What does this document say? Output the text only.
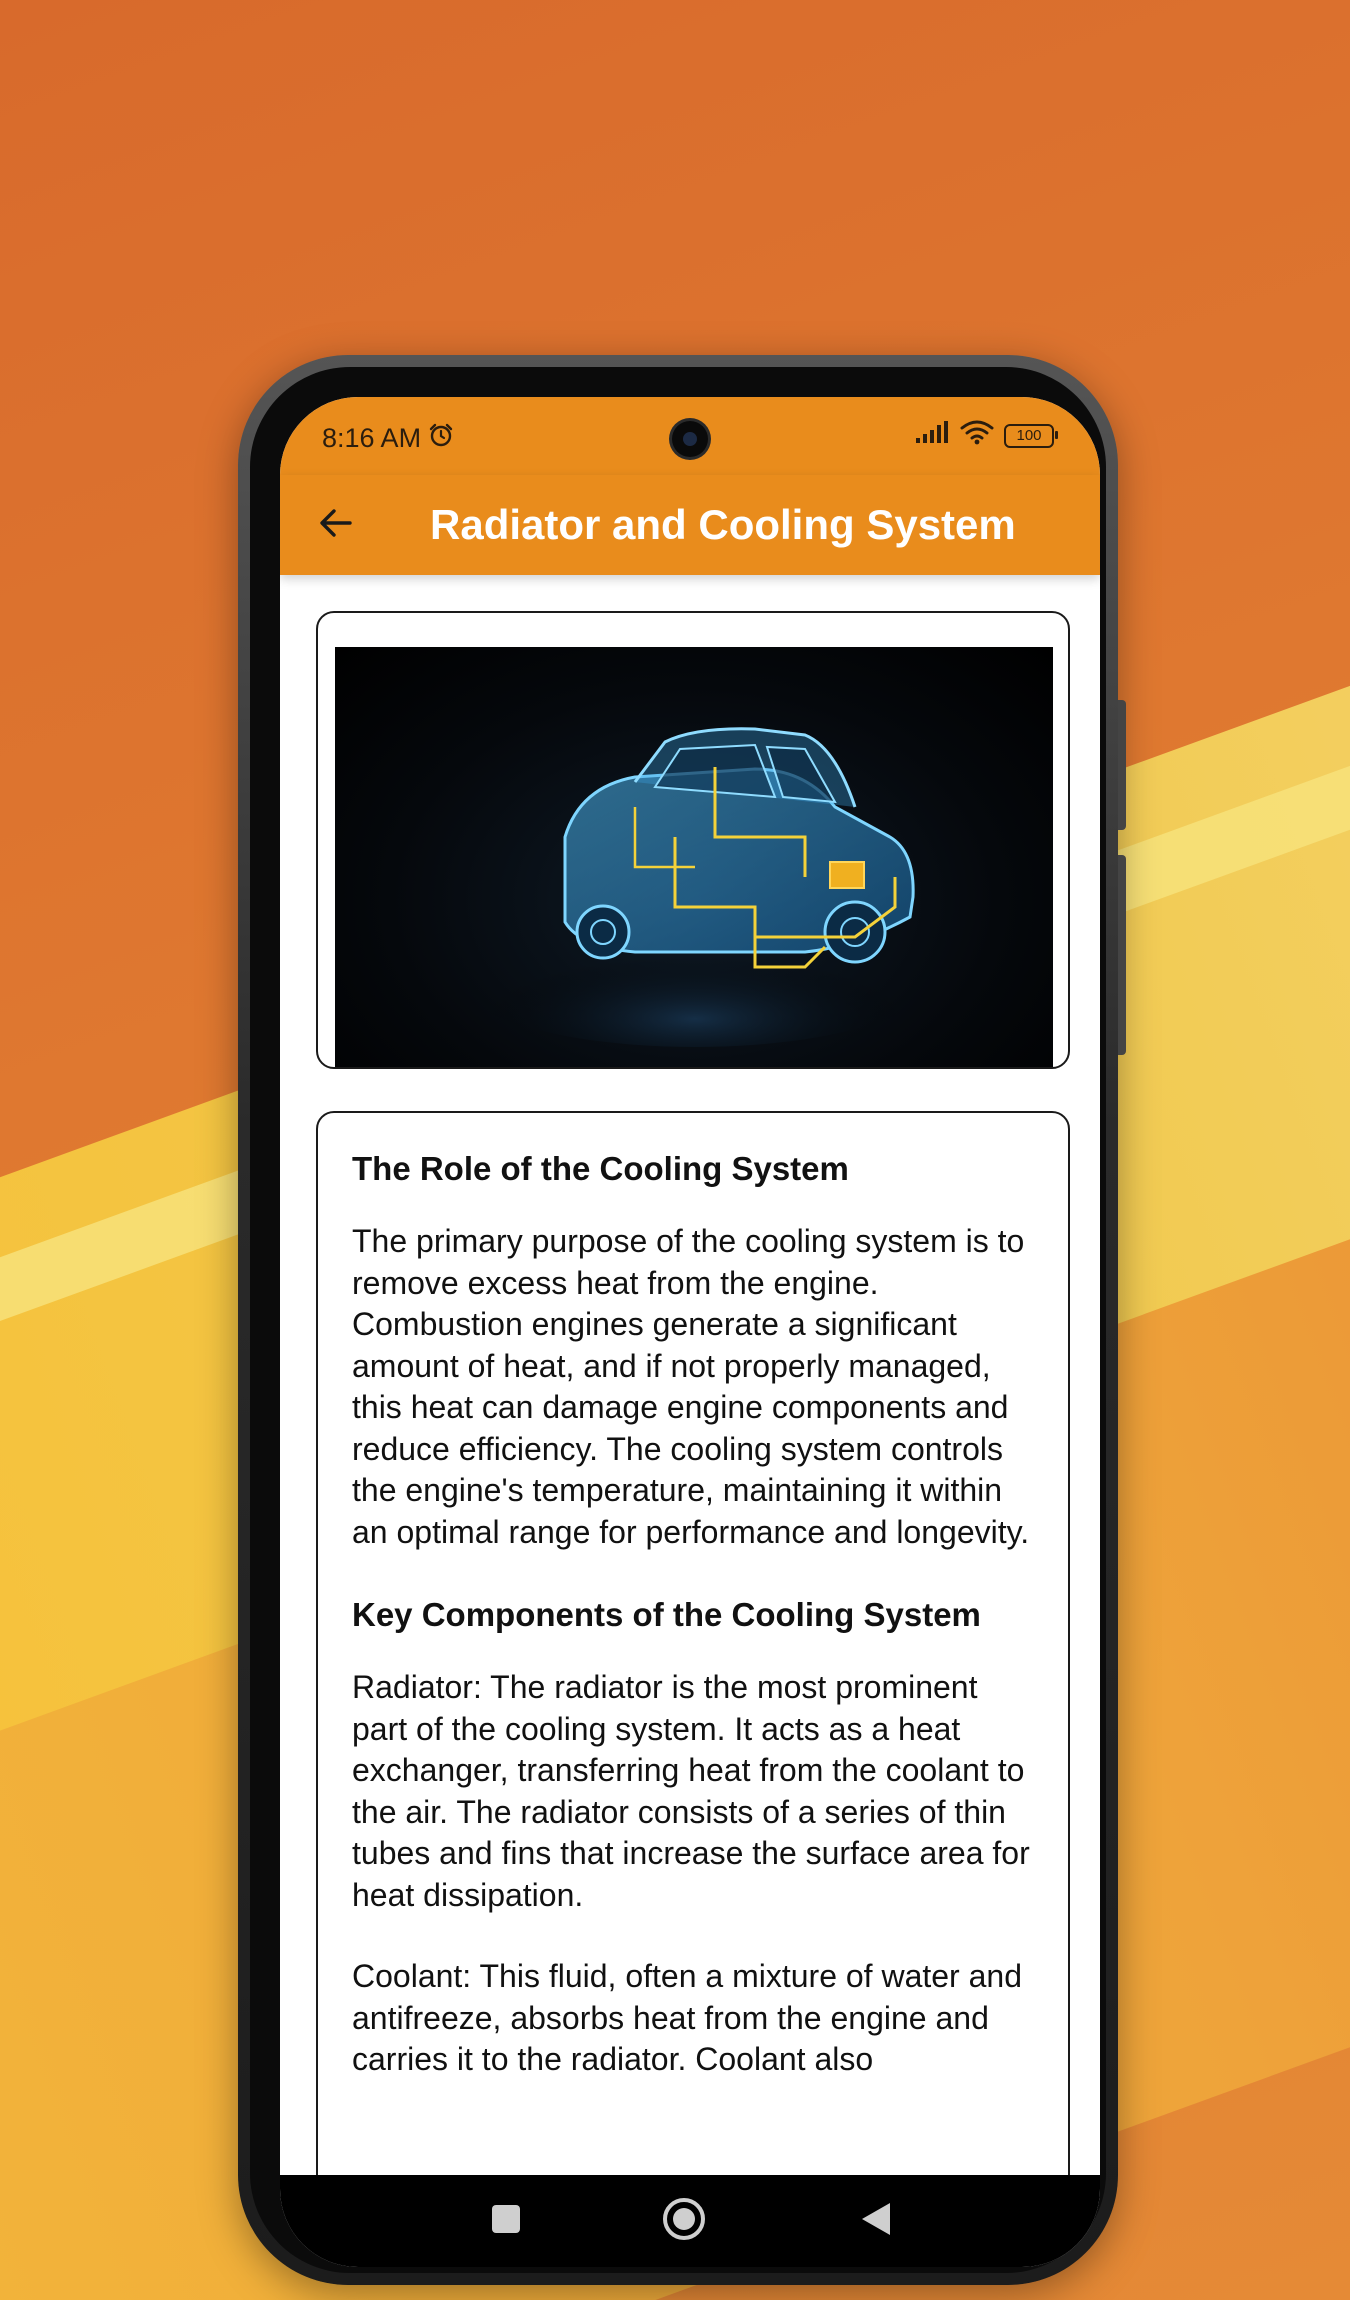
8:16 AM	100
Radiator and Cooling System
The Role of the Cooling System

The primary purpose of the cooling system is to remove excess heat from the engine. Combustion engines generate a significant amount of heat, and if not properly managed, this heat can damage engine components and reduce efficiency. The cooling system controls the engine's temperature, maintaining it within an optimal range for performance and longevity.

Key Components of the Cooling System

Radiator: The radiator is the most prominent part of the cooling system. It acts as a heat exchanger, transferring heat from the coolant to the air. The radiator consists of a series of thin tubes and fins that increase the surface area for heat dissipation.

Coolant: This fluid, often a mixture of water and antifreeze, absorbs heat from the engine and carries it to the radiator. Coolant also
